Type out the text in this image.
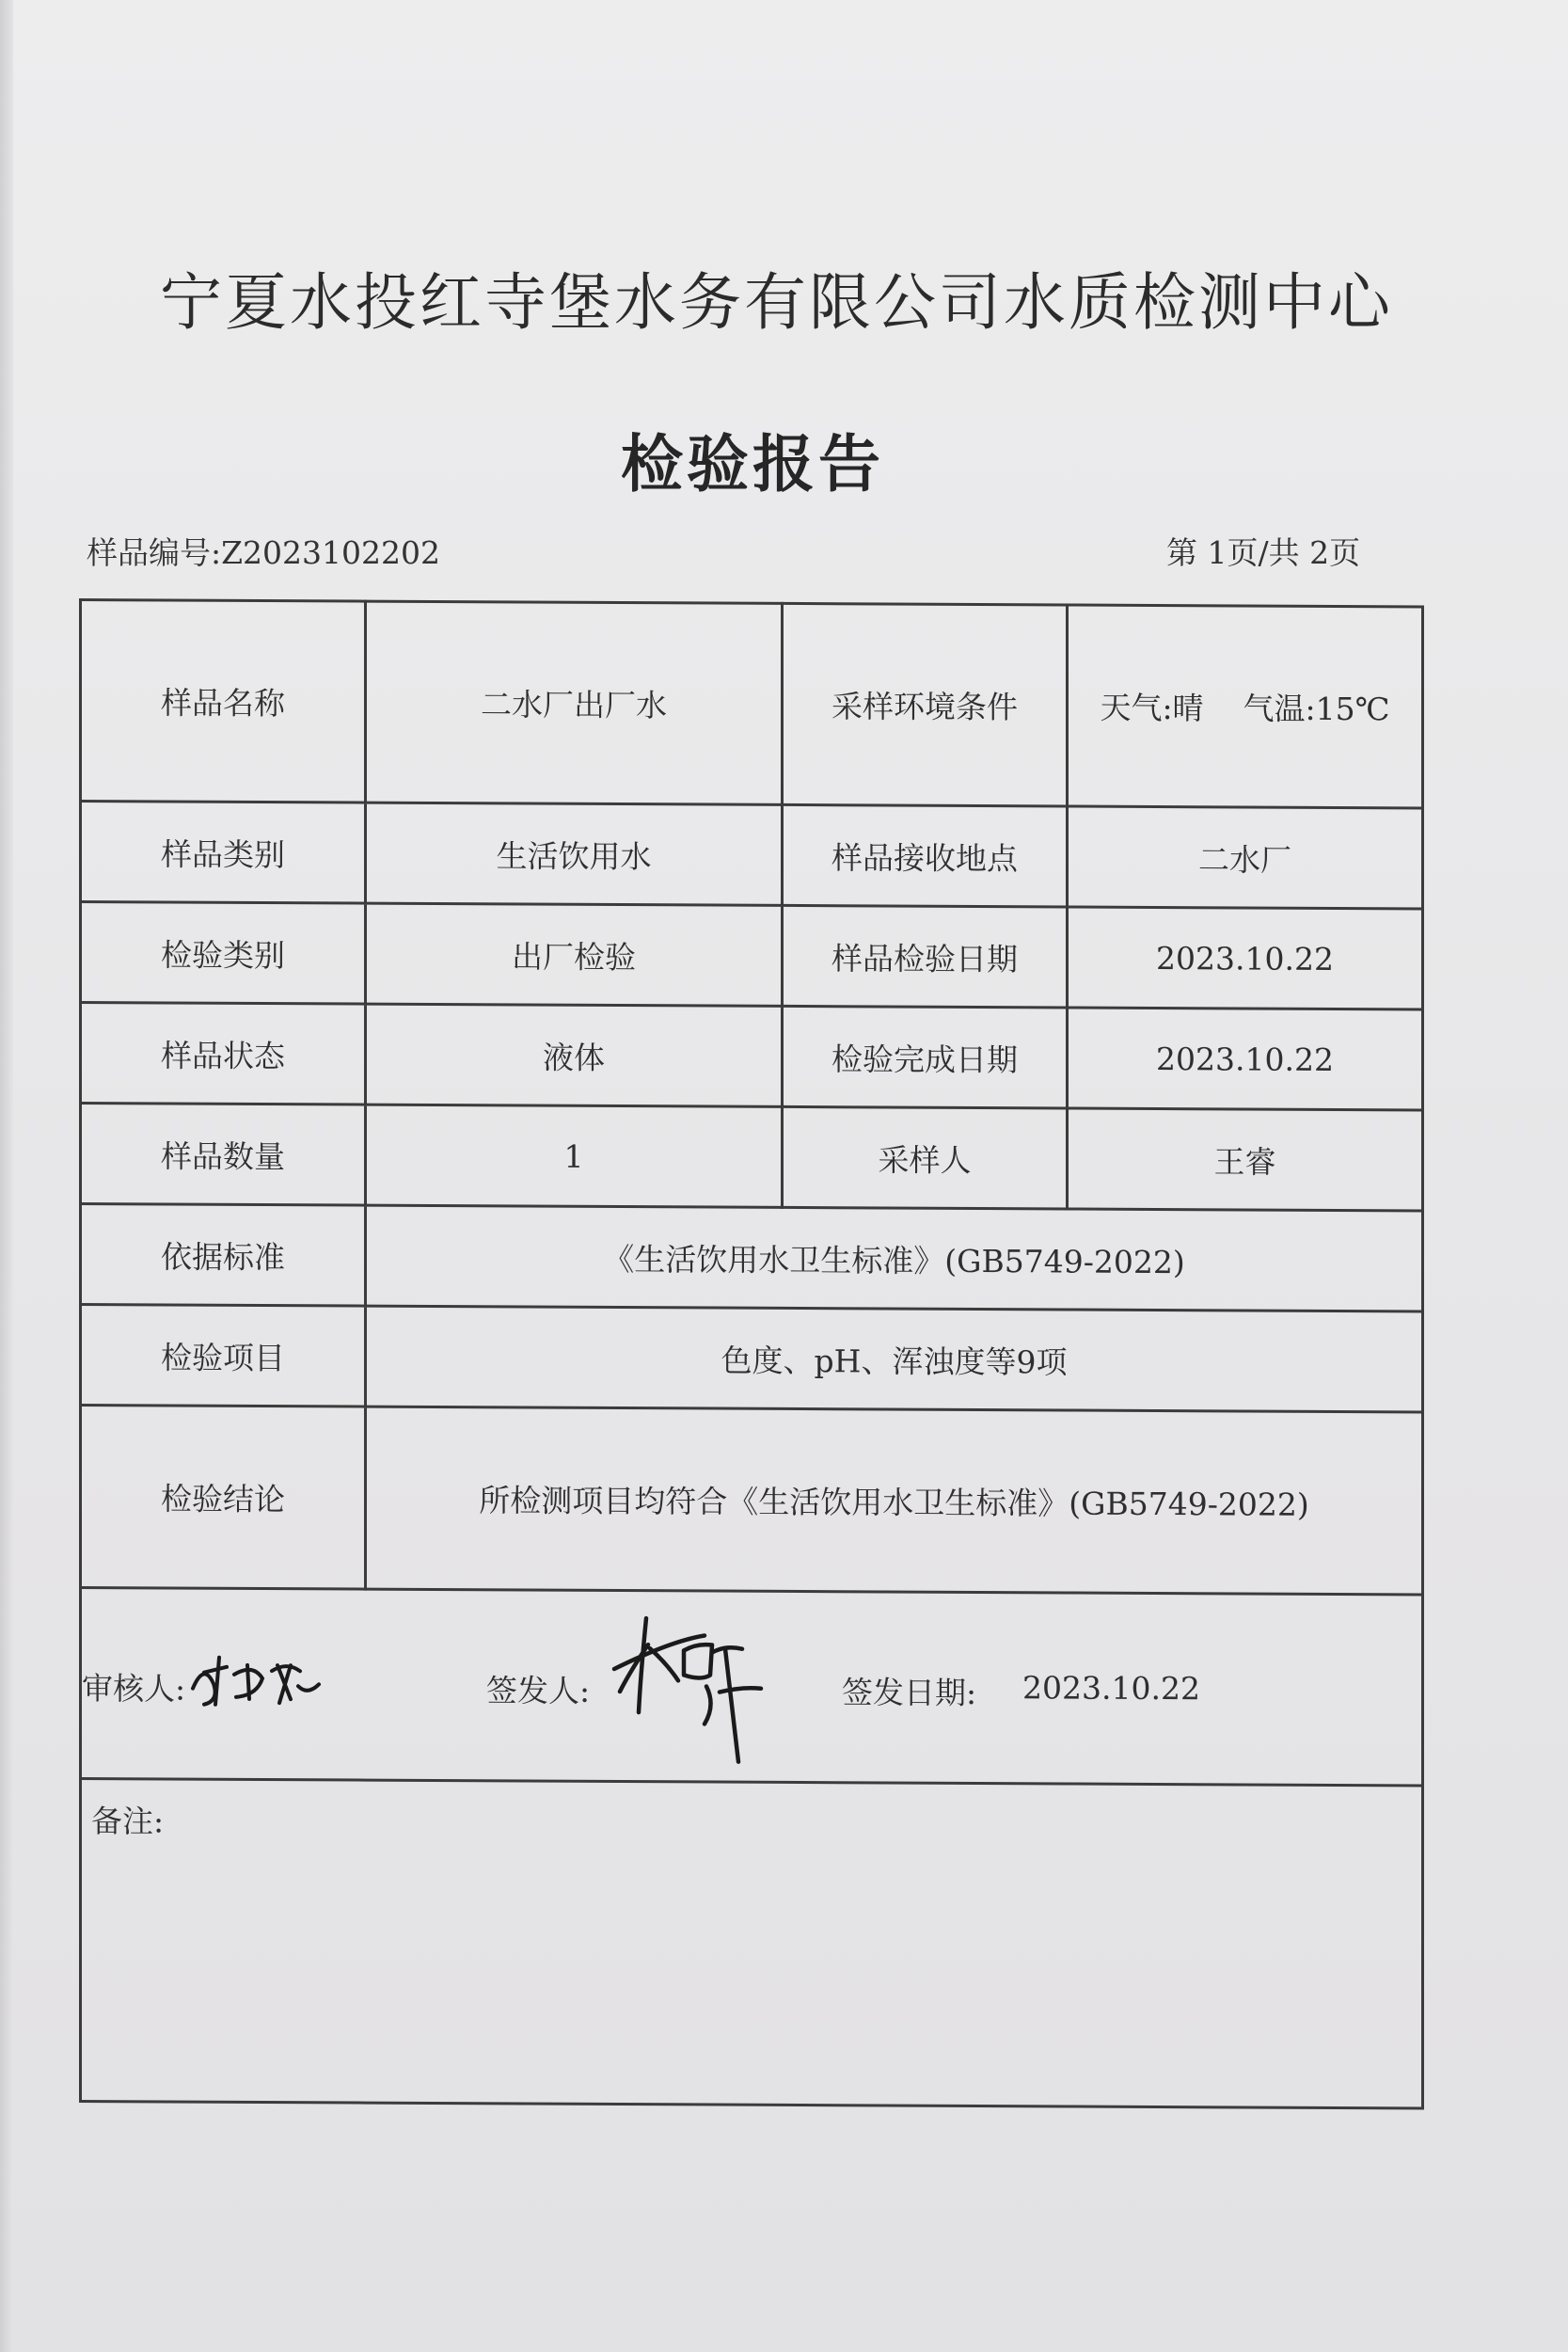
宁夏水投红寺堡水务有限公司水质检测中心
检验报告
样品编号:Z2023102202	第 1页/共 2页
样品名称	二水厂出厂水	采样环境条件	天气:晴    气温:15℃
样品类别	生活饮用水	样品接收地点	二水厂
检验类别	出厂检验	样品检验日期	2023.10.22
样品状态	液体	检验完成日期	2023.10.22
样品数量	1	采样人	王睿
依据标准	《生活饮用水卫生标准》(GB5749-2022)		
检验项目	色度、pH、浑浊度等9项		
检验结论	所检测项目均符合《生活饮用水卫生标准》(GB5749-2022)		

审核人: 签发人: 签发日期: 2023.10.22			

备注:			
